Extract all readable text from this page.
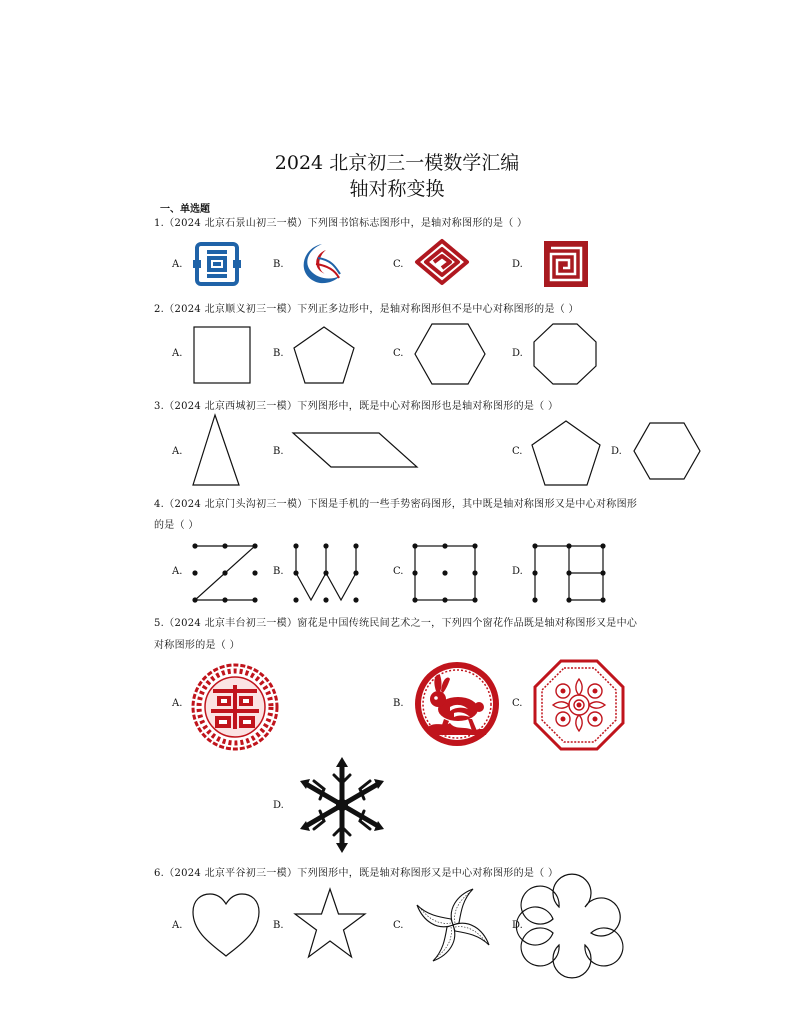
2024 北京初三一模数学汇编
轴对称变换
一、单选题
1.（2024 北京石景山初三一模）下列图书馆标志图形中，是轴对称图形的是（ ）
A.	B.	C.	D.
2.（2024 北京顺义初三一模）下列正多边形中，是轴对称图形但不是中心对称图形的是（ ）
A.	B.	C.	D.
3.（2024 北京西城初三一模）下列图形中，既是中心对称图形也是轴对称图形的是（ ）
A.	B.	C.	D.
4.（2024 北京门头沟初三一模）下图是手机的一些手势密码图形，其中既是轴对称图形又是中心对称图形
的是（ ）
A.	B.	C.	D.
5.（2024 北京丰台初三一模）窗花是中国传统民间艺术之一，下列四个窗花作品既是轴对称图形又是中心
对称图形的是（ ）
A.	B.	C.
D.
6.（2024 北京平谷初三一模）下列图形中，既是轴对称图形又是中心对称图形的是（ ）
A.	B.	C.	D.
